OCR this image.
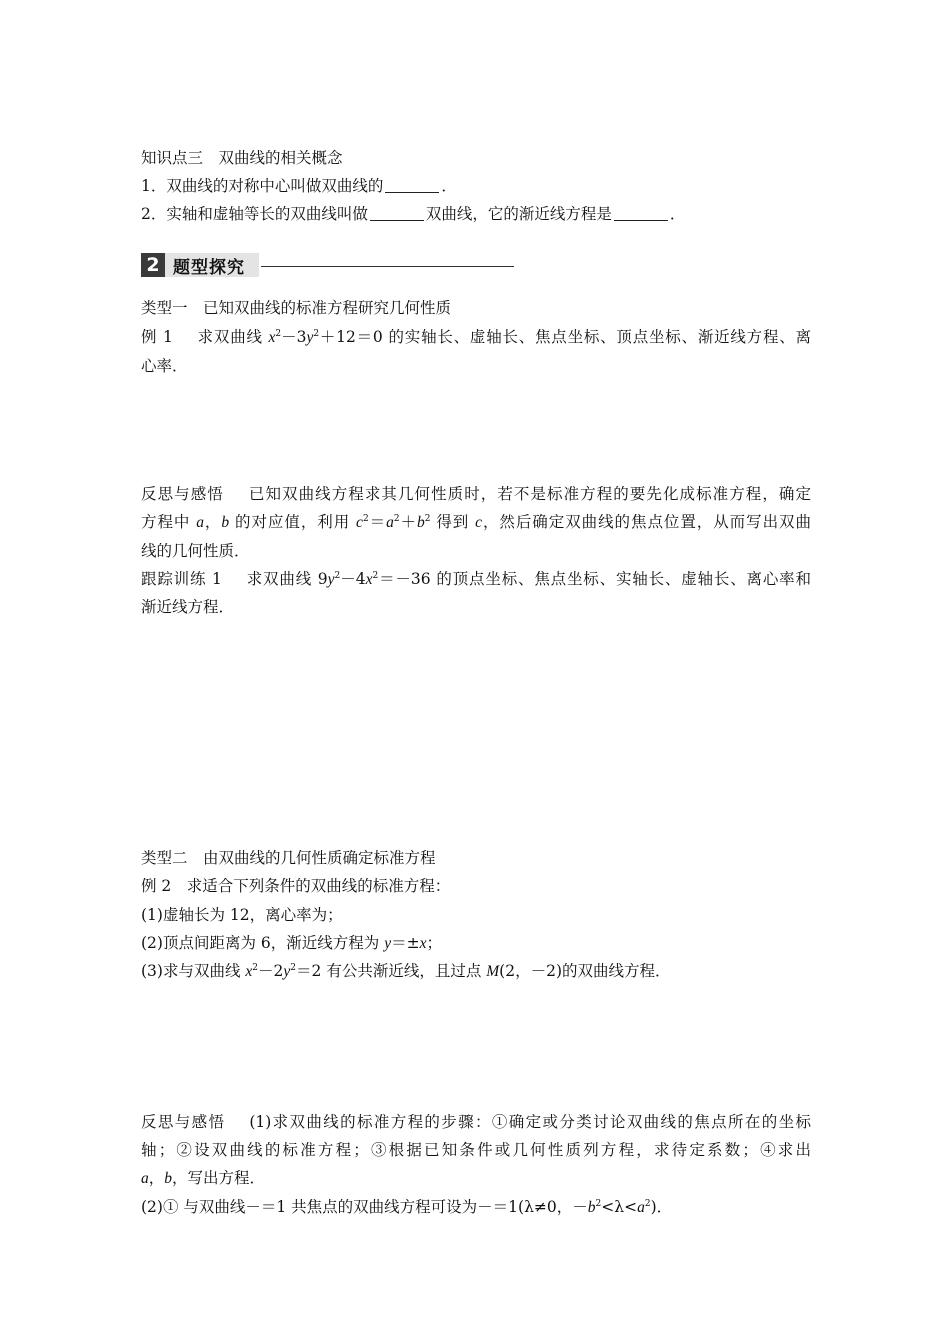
知识点三　双曲线的相关概念
1．双曲线的对称中心叫做双曲线的	．
2．实轴和虚轴等长的双曲线叫做	双曲线，它的渐近线方程是	．
2 题型探究
类型一　已知双曲线的标准方程研究几何性质
例 1 求双曲线 $x^2-3y^2+12=0$ 的实轴长、虚轴长、焦点坐标、顶点坐标、渐近线方程、离
心率．
反思与感悟 已知双曲线方程求其几何性质时，若不是标准方程的要先化成标准方程，确定
方程中 a，b 的对应值，利用 $c^2=a^2+b^2$ 得到 c，然后确定双曲线的焦点位置，从而写出双曲
线的几何性质．
跟踪训练 1 求双曲线 $9y^2-4x^2=-36$ 的顶点坐标、焦点坐标、实轴长、虚轴长、离心率和
渐近线方程．
类型二　由双曲线的几何性质确定标准方程
例 2　求适合下列条件的双曲线的标准方程：
(1)虚轴长为 12，离心率为；
(2)顶点间距离为 6，渐近线方程为 y＝±x；
(3)求与双曲线 $x^2-2y^2=2$ 有公共渐近线，且过点 M(2，－2)的双曲线方程．
反思与感悟 (1)求双曲线的标准方程的步骤：①确定或分类讨论双曲线的焦点所在的坐标
轴；②设双曲线的标准方程；③根据已知条件或几何性质列方程，求待定系数；④求出
a，b，写出方程．
(2)① 与双曲线－＝1 共焦点的双曲线方程可设为－＝1(λ≠0，$-b^2<\lambda<a^2$)．
